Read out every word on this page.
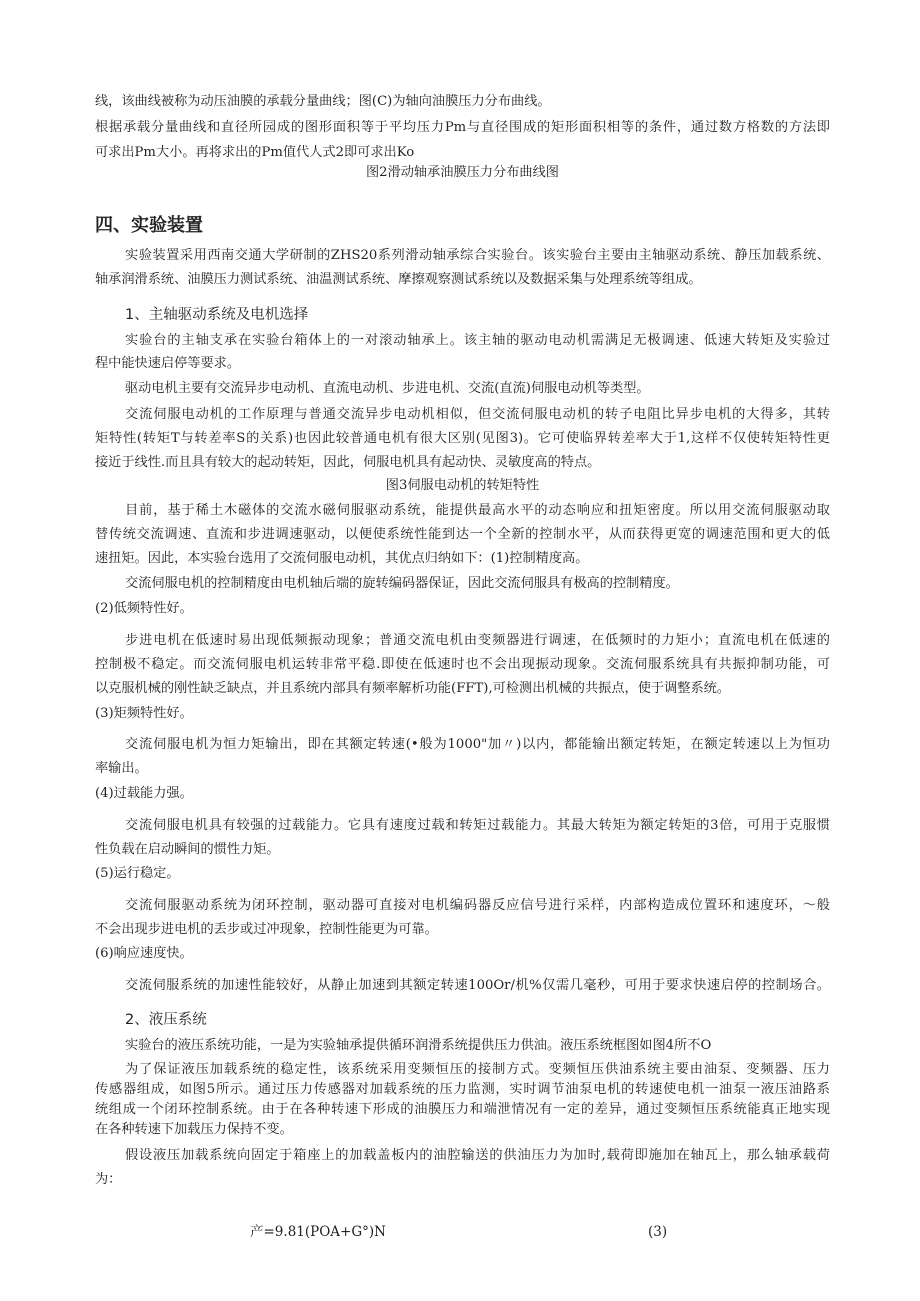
线，该曲线被称为动压油膜的承载分量曲线；图(C)为轴向油膜压力分布曲线。
根据承载分量曲线和直径所园成的图形面积等于平均压力Pm与直径围成的矩形面积相等的条件，通过数方格数的方法即
可求出Pm大小。再将求出的Pm值代人式2即可求出Ko
图2滑动轴承油膜压力分布曲线图
四、实验装置
实验装置采用西南交通大学研制的ZHS20系列滑动轴承综合实验台。该实验台主要由主轴驱动系统、静压加载系统、
轴承润滑系统、油膜压力测试系统、油温测试系统、摩擦观察测试系统以及数据采集与处理系统等组成。
1、主轴驱动系统及电机选择
实验台的主轴支承在实验台箱体上的一对滚动轴承上。该主轴的驱动电动机需满足无极调速、低速大转矩及实验过
程中能快速启停等要求。
驱动电机主要有交流异步电动机、直流电动机、步进电机、交流(直流)伺服电动机等类型。
交流伺服电动机的工作原理与普通交流异步电动机相似，但交流伺服电动机的转子电阻比异步电机的大得多，其转
矩特性(转矩T与转差率S的关系)也因此较普通电机有很大区别(见图3)。它可使临界转差率大于1,这样不仅使转矩特性更
接近于线性.而且具有较大的起动转矩，因此，伺服电机具有起动快、灵敏度高的特点。
图3伺服电动机的转矩特性
目前，基于稀土木磁体的交流水磁伺服驱动系统，能提供最高水平的动态响应和扭矩密度。所以用交流伺服驱动取
替传统交流调速、直流和步进调速驱动，以便使系统性能到达一个全新的控制水平，从而获得更宽的调速范围和更大的低
速扭矩。因此，本实验台选用了交流伺服电动机，其优点归纳如下：(1)控制精度高。
交流伺服电机的控制精度由电机轴后端的旋转编码器保证，因此交流伺服具有极高的控制精度。
(2)低频特性好。
步进电机在低速时易出现低频振动现象；普通交流电机由变频器进行调速，在低频时的力矩小；直流电机在低速的
控制极不稳定。而交流伺服电机运转非常平稳.即使在低速时也不会出现振动现象。交流伺服系统具有共振抑制功能，可
以克服机械的刚性缺乏缺点，并且系统内部具有频率解析功能(FFT),可检测出机械的共振点，使于调整系统。
(3)矩频特性好。
交流伺服电机为恒力矩输出，即在其额定转速(•般为1000"加〃)以内，都能输出额定转矩，在额定转速以上为恒功
率输出。
(4)过载能力强。
交流伺服电机具有较强的过载能力。它具有速度过载和转矩过载能力。其最大转矩为额定转矩的3倍，可用于克服惯
性负载在启动瞬间的惯性力矩。
(5)运行稳定。
交流伺服驱动系统为闭环控制，驱动器可直接对电机编码器反应信号进行采样，内部构造成位置环和速度环，〜般
不会出现步进电机的丢步或过冲现象，控制性能更为可靠。
(6)响应速度快。
交流伺服系统的加速性能较好，从静止加速到其额定转速100Or/机%仅需几毫秒，可用于要求快速启停的控制场合。
2、液压系统
实验台的液压系统功能，一是为实验轴承提供循环润滑系统提供压力供油。液压系统框图如图4所不O
为了保证液压加载系统的稳定性，该系统采用变频恒压的接制方式。变频恒压供油系统主要由油泵、变频器、压力
传感器组成，如图5所示。通过压力传感器对加载系统的压力监测，实时调节油泵电机的转速使电机一油泵一液压油路系
统组成一个闭环控制系统。由于在各种转速下形成的油膜压力和端泄情况有一定的差异，通过变频恒压系统能真正地实现
在各种转速下加载压力保持不变。
假设液压加载系统向固定于箱座上的加载盖板内的油腔输送的供油压力为加时,载荷即施加在轴瓦上，那么轴承载荷
为：
产=9.81(POA+G°)N	(3)
